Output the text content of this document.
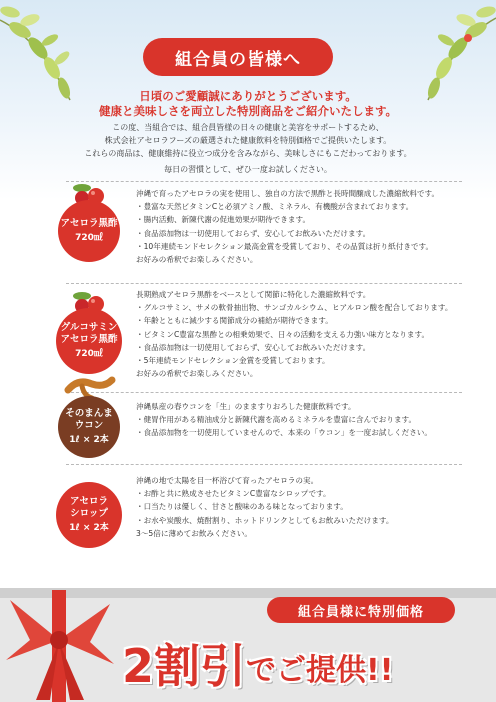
組合員の皆様へ
日頃のご愛顧誠にありがとうございます。
健康と美味しさを両立した特別商品をご紹介いたします。
この度、当組合では、組合員皆様の日々の健康と美容をサポートするため、
株式会社アセロラフーズの厳選された健康飲料を特別価格でご提供いたします。
これらの商品は、健康維持に役立つ成分を含みながら、美味しさにもこだわっております。
毎日の習慣として、ぜひ一度お試しください。
アセロラ黒酢
720㎖
沖縄で育ったアセロラの実を使用し、独自の方法で黒酢と長時間醸成した濃縮飲料です。
・豊富な天然ビタミンCと必須アミノ酸、ミネラル、有機酸が含まれております。
・腸内活動、新陳代謝の促進効果が期待できます。
・食品添加物は一切使用しておらず、安心してお飲みいただけます。
・10年連続モンドセレクション最高金賞を受賞しており、その品質は折り紙付きです。
お好みの希釈でお楽しみください。
グルコサミン
アセロラ黒酢
720㎖
長期熟成アセロラ黒酢をベースとして関節に特化した濃縮飲料です。
・グルコサミン、サメの軟骨抽出物、サンゴカルシウム、ヒアルロン酸を配合しております。
・年齢とともに減少する関節成分の補給が期待できます。
・ビタミンC豊富な黒酢との相乗効果で、日々の活動を支える力強い味方となります。
・食品添加物は一切使用しておらず、安心してお飲みいただけます。
・5年連続モンドセレクション金賞を受賞しております。
お好みの希釈でお楽しみください。
そのまんま
ウコン
1ℓ × 2本
沖縄県産の春ウコンを「生」のまますりおろした健康飲料です。
・健胃作用がある精油成分と新陳代謝を高めるミネラルを豊富に含んでおります。
・食品添加物を一切使用していませんので、本来の「ウコン」を一度お試しください。
アセロラ
シロップ
1ℓ × 2本
沖縄の地で太陽を目一杯浴びて育ったアセロラの実。
・お酢と共に熟成させたビタミンC豊富なシロップです。
・口当たりは優しく、甘さと酸味のある味となっております。
・お水や炭酸水、焼酎割り、ホットドリンクとしてもお飲みいただけます。
3〜5倍に薄めてお飲みください。
組合員様に特別価格
2割引 でご提供!!
